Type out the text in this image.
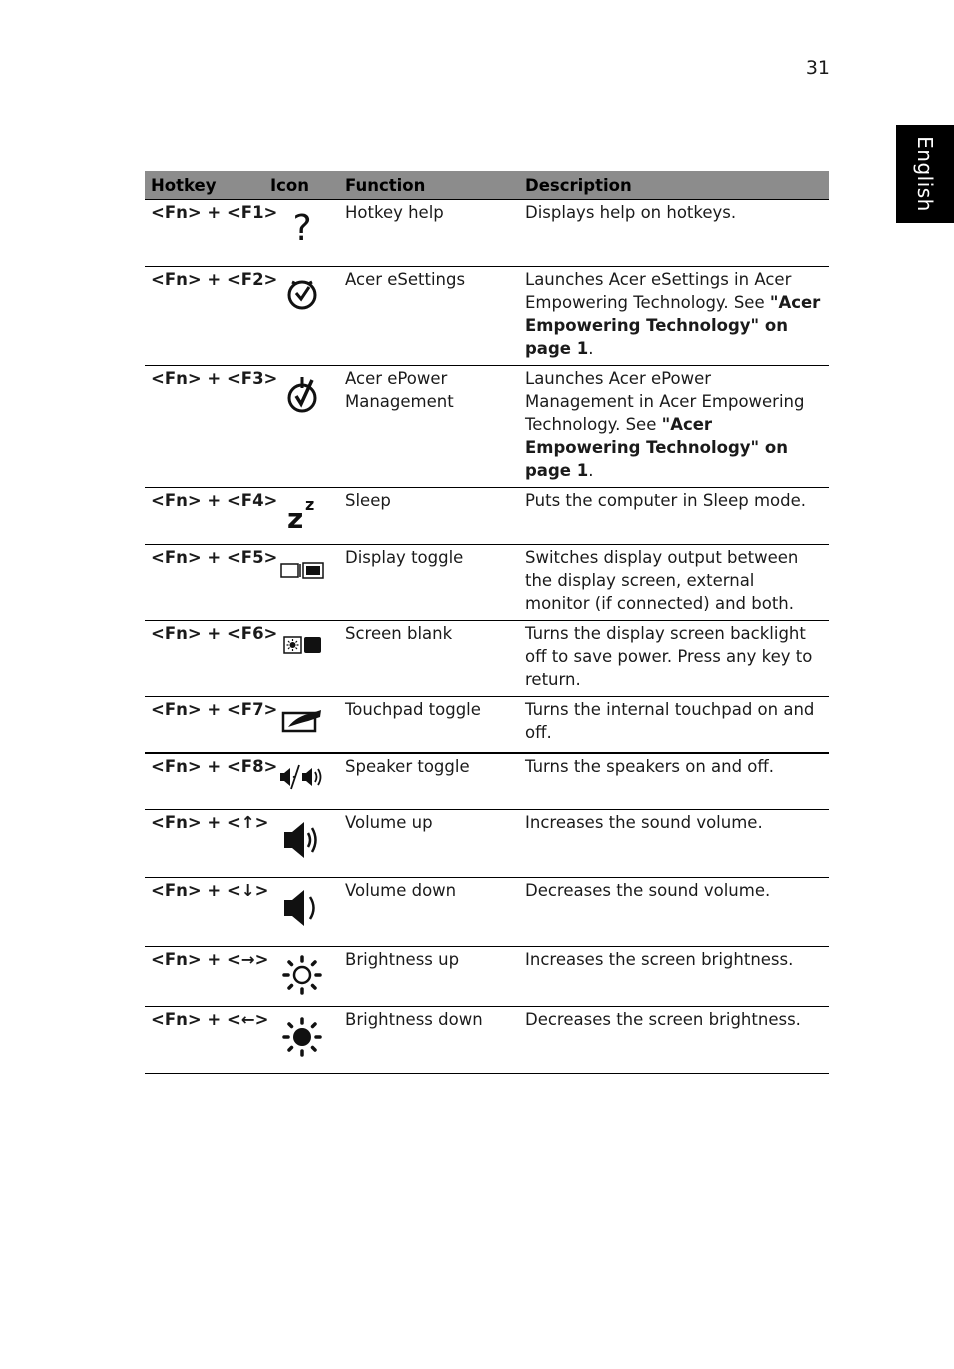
31
English
Hotkey	Icon	Function	Description
<Fn> + <F1>	?	Hotkey help	Displays help on hotkeys.
<Fn> + <F2>		Acer eSettings	Launches Acer eSettings in Acer Empowering Technology. See "Acer Empowering Technology" on page 1.
<Fn> + <F3>		Acer ePower Management	Launches Acer ePower Management in Acer Empowering Technology. See "Acer Empowering Technology" on page 1.
<Fn> + <F4>	z z	Sleep	Puts the computer in Sleep mode.
<Fn> + <F5>		Display toggle	Switches display output between the display screen, external monitor (if connected) and both.
<Fn> + <F6>		Screen blank	Turns the display screen backlight off to save power. Press any key to return.
<Fn> + <F7>		Touchpad toggle	Turns the internal touchpad on and off.
<Fn> + <F8>		Speaker toggle	Turns the speakers on and off.
<Fn> + <↑>		Volume up	Increases the sound volume.
<Fn> + <↓>		Volume down	Decreases the sound volume.
<Fn> + <→>		Brightness up	Increases the screen brightness.
<Fn> + <←>		Brightness down	Decreases the screen brightness.
